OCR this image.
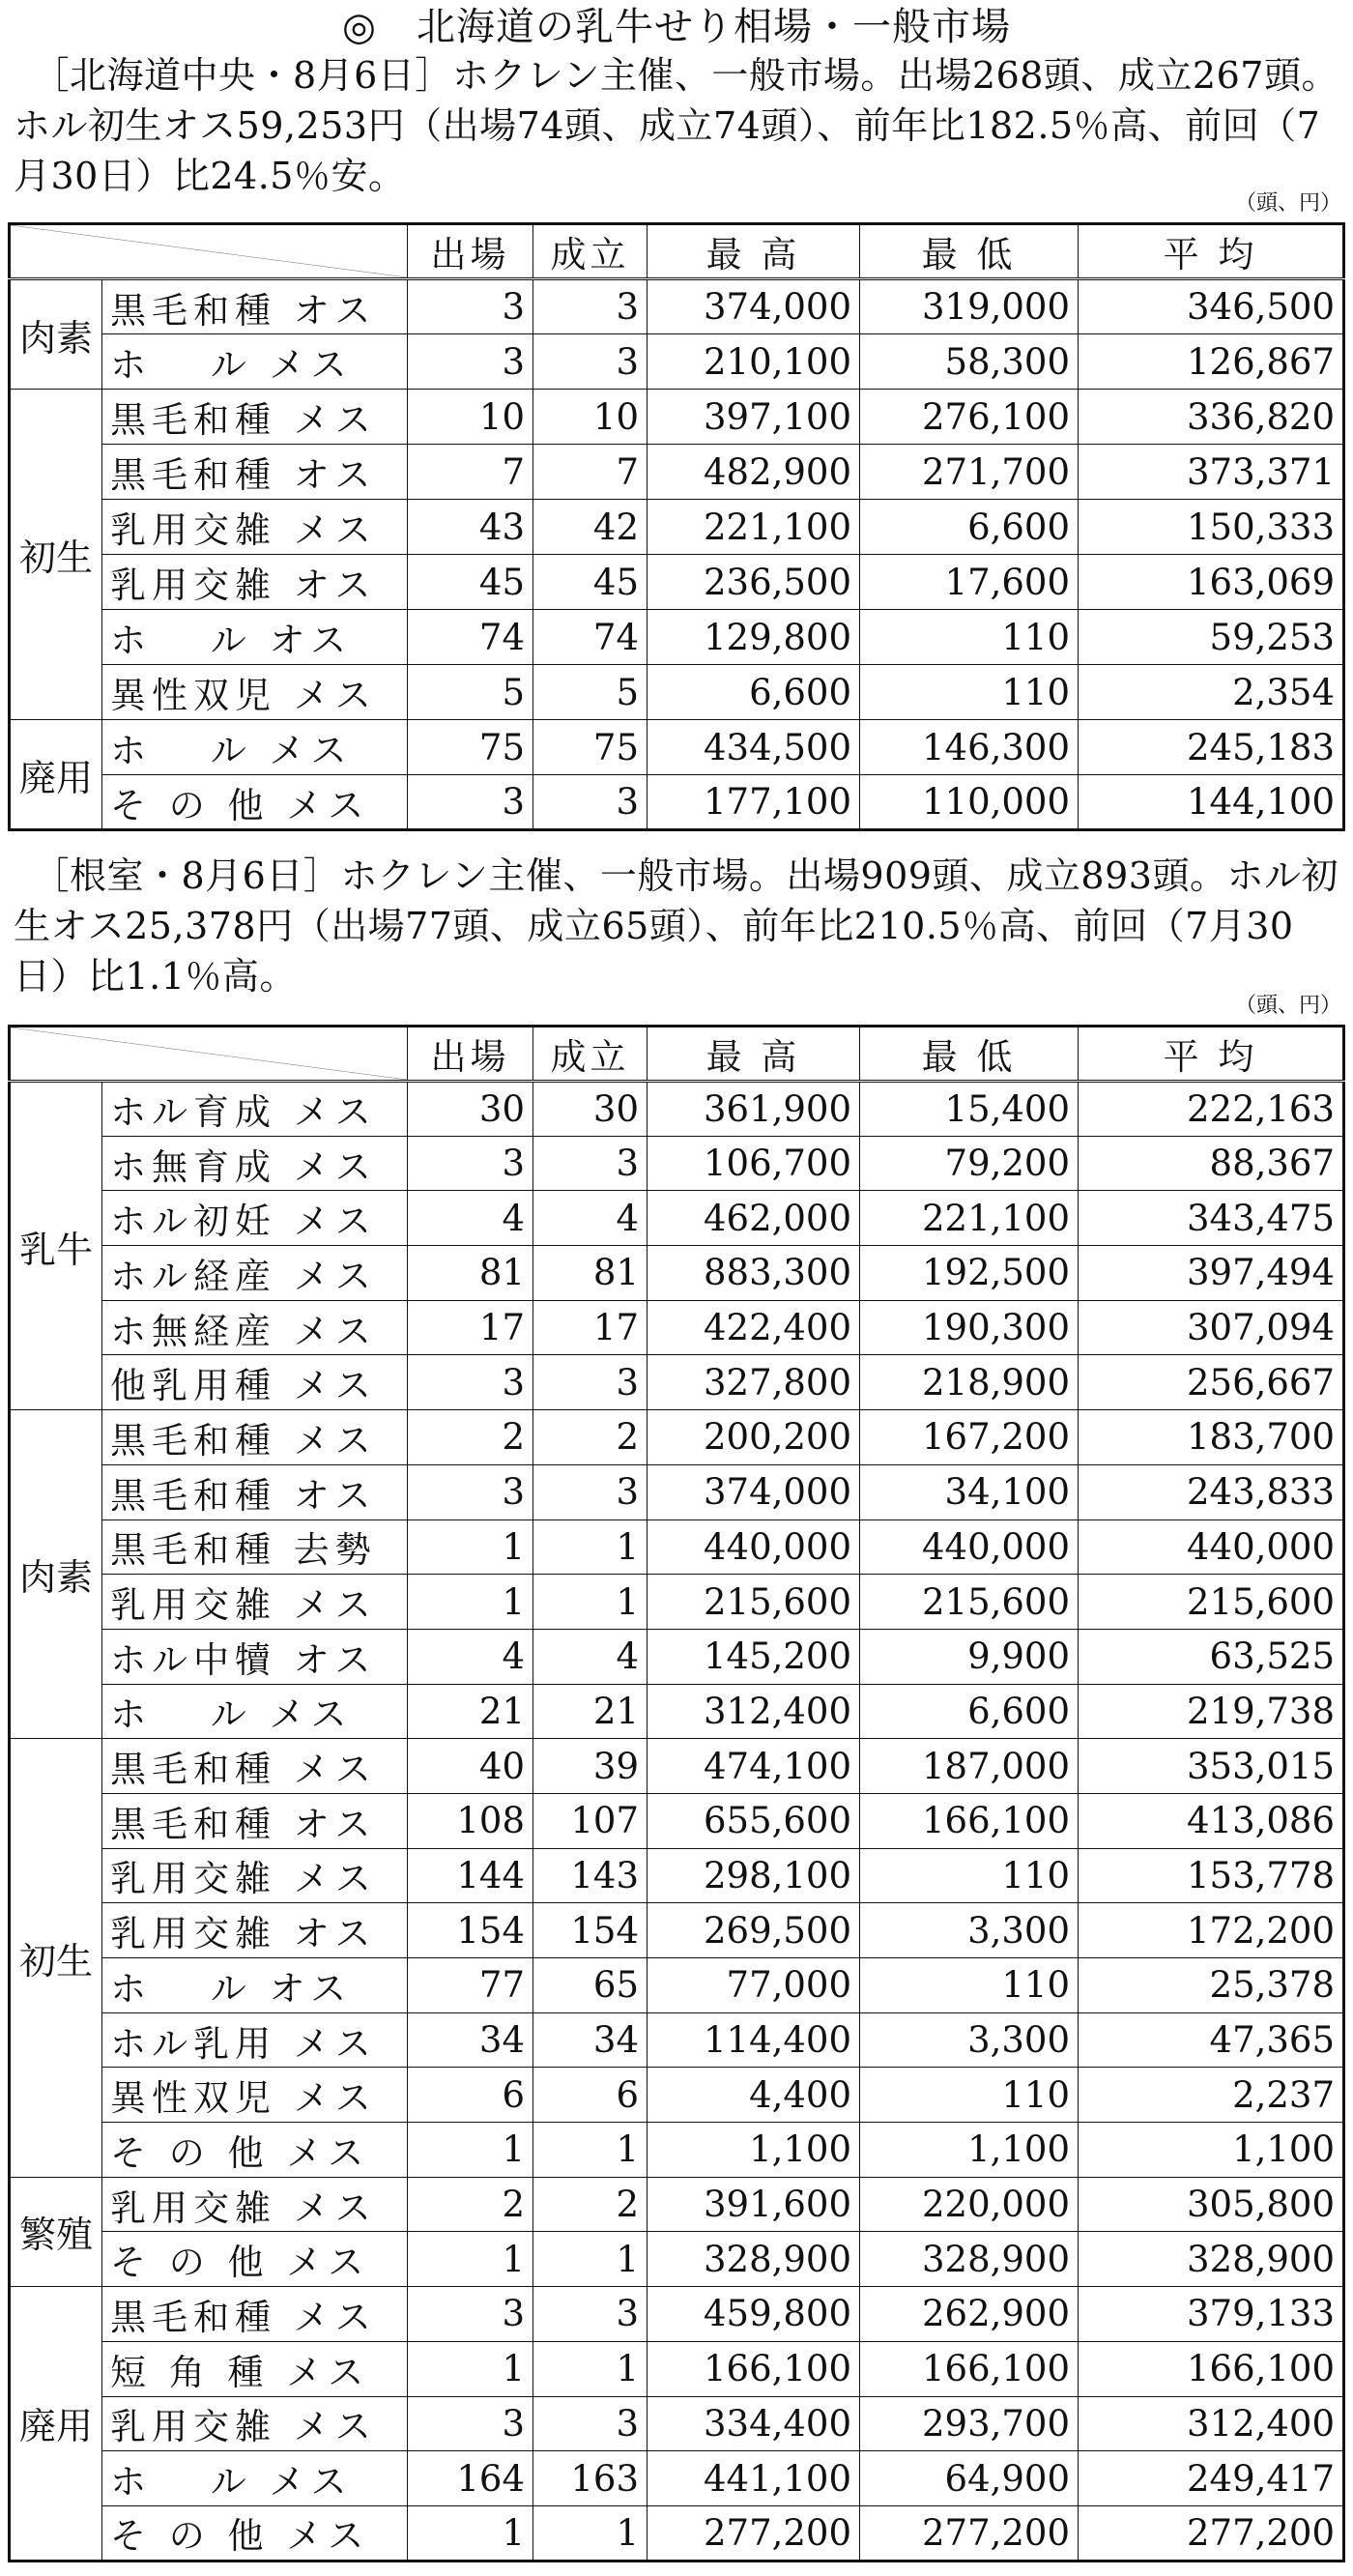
◎　北海道の乳牛せり相場・一般市場
　［北海道中央・8月6日］ホクレン主催、一般市場。出場268頭、成立267頭。ホル初生オス59,253円（出場74頭、成立74頭）、前年比182.5％高、前回（7月30日）比24.5％安。
（頭、円）
	出場	成立	最 高	最 低	平 均
肉素	黒毛和種 オス	3	3	374,000	319,000	346,500
	ホ　 ル メス	3	3	210,100	58,300	126,867
初生	黒毛和種 メス	10	10	397,100	276,100	336,820
	黒毛和種 オス	7	7	482,900	271,700	373,371
	乳用交雑 メス	43	42	221,100	6,600	150,333
	乳用交雑 オス	45	45	236,500	17,600	163,069
	ホ　 ル オス	74	74	129,800	110	59,253
	異性双児 メス	5	5	6,600	110	2,354
廃用	ホ　 ル メス	75	75	434,500	146,300	245,183
	そ の 他 メス	3	3	177,100	110,000	144,100
　［根室・8月6日］ホクレン主催、一般市場。出場909頭、成立893頭。ホル初生オス25,378円（出場77頭、成立65頭）、前年比210.5％高、前回（7月30日）比1.1％高。
（頭、円）
	出場	成立	最 高	最 低	平 均
乳牛	ホル育成 メス	30	30	361,900	15,400	222,163
	ホ無育成 メス	3	3	106,700	79,200	88,367
	ホル初妊 メス	4	4	462,000	221,100	343,475
	ホル経産 メス	81	81	883,300	192,500	397,494
	ホ無経産 メス	17	17	422,400	190,300	307,094
	他乳用種 メス	3	3	327,800	218,900	256,667
肉素	黒毛和種 メス	2	2	200,200	167,200	183,700
	黒毛和種 オス	3	3	374,000	34,100	243,833
	黒毛和種 去勢	1	1	440,000	440,000	440,000
	乳用交雑 メス	1	1	215,600	215,600	215,600
	ホル中犢 オス	4	4	145,200	9,900	63,525
	ホ　 ル メス	21	21	312,400	6,600	219,738
初生	黒毛和種 メス	40	39	474,100	187,000	353,015
	黒毛和種 オス	108	107	655,600	166,100	413,086
	乳用交雑 メス	144	143	298,100	110	153,778
	乳用交雑 オス	154	154	269,500	3,300	172,200
	ホ　 ル オス	77	65	77,000	110	25,378
	ホル乳用 メス	34	34	114,400	3,300	47,365
	異性双児 メス	6	6	4,400	110	2,237
	そ の 他 メス	1	1	1,100	1,100	1,100
繁殖	乳用交雑 メス	2	2	391,600	220,000	305,800
	そ の 他 メス	1	1	328,900	328,900	328,900
廃用	黒毛和種 メス	3	3	459,800	262,900	379,133
	短 角 種 メス	1	1	166,100	166,100	166,100
	乳用交雑 メス	3	3	334,400	293,700	312,400
	ホ　 ル メス	164	163	441,100	64,900	249,417
	そ の 他 メス	1	1	277,200	277,200	277,200
